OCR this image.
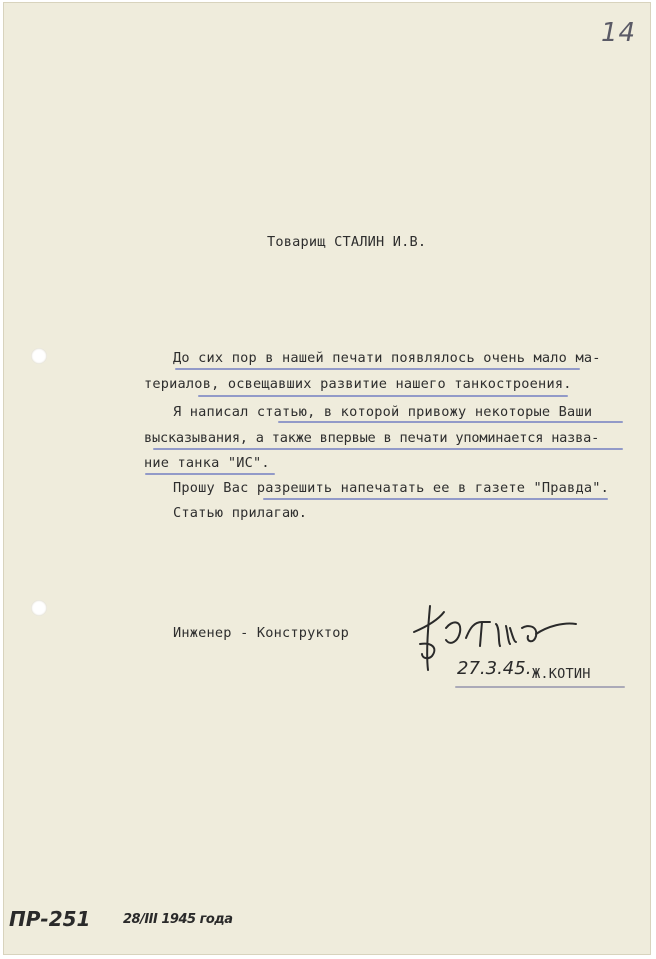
14
Товарищ СТАЛИН И.В.
До сих пор в нашей печати появлялось очень мало ма-
териалов, освещавших развитие нашего танкостроения.
Я написал статью, в которой привожу некоторые Ваши
высказывания, а также впервые в печати упоминается назва-
ние танка "ИС".
Прошу Вас разрешить напечатать ее в газете "Правда".
Статью прилагаю.
Инженер - Конструктор
27.3.45. Ж.КОТИН
ПР-251	28/III 1945 года
